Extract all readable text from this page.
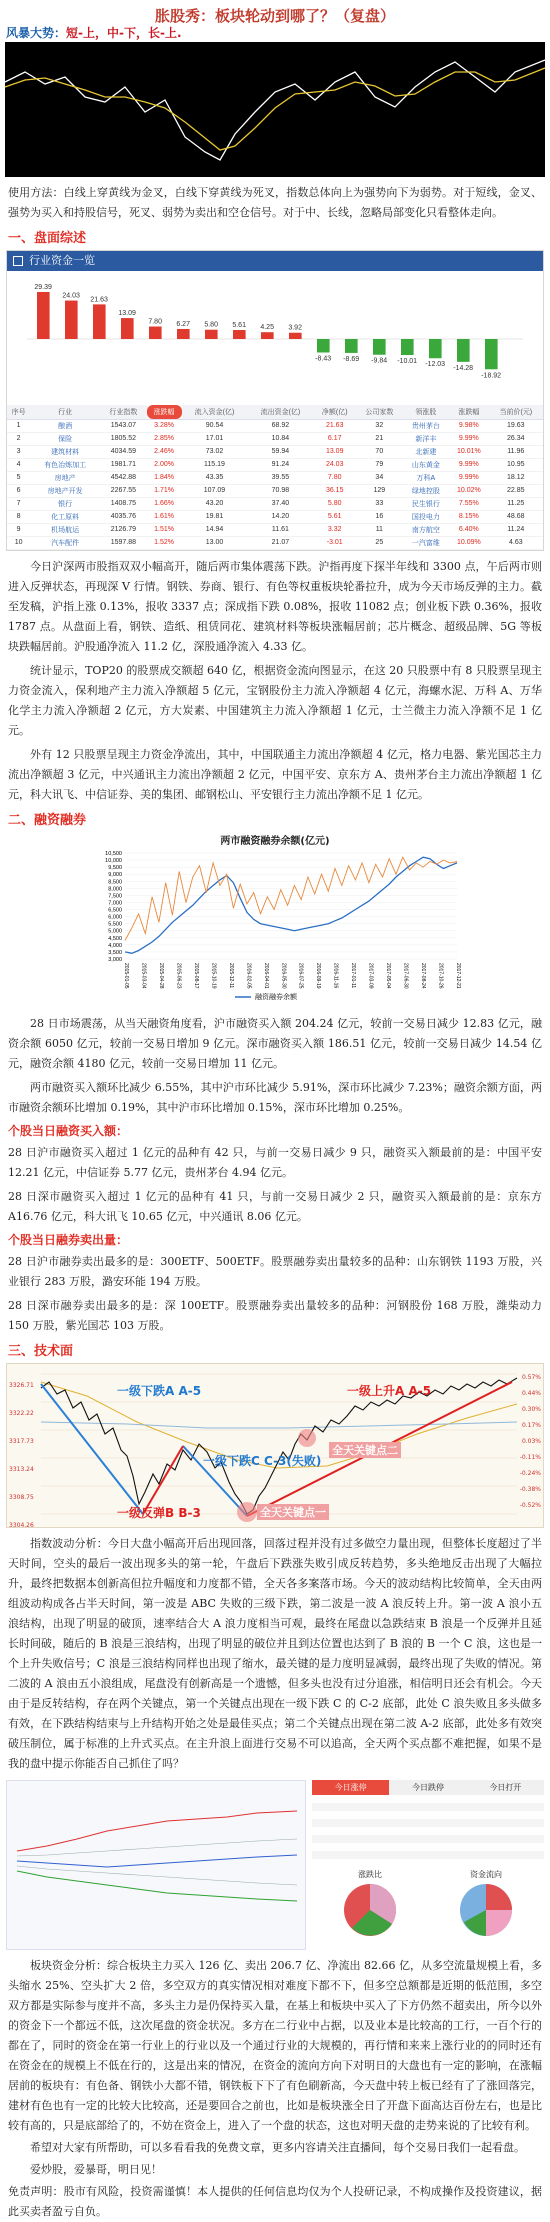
胀股秀：板块轮动到哪了？（复盘）
风暴大势：短-上，中-下，长-上.
使用方法：白线上穿黄线为金叉，白线下穿黄线为死叉，指数总体向上为强势向下为弱势。对于短线，金叉、强势为买入和持股信号，死叉、弱势为卖出和空仓信号。对于中、长线，忽略局部变化只看整体走向。
一、盘面综述
行业资金一览
29.39
24.03
21.63
13.09
7.80 6.27 5.80 5.61 4.25 3.92
-8.43 -8.69 -9.84 -10.01 -12.03
-14.28
-18.92
序号	行业	行业指数	涨跌幅	流入资金(亿)	流出资金(亿)	净额(亿)	公司家数	领涨股	涨跌幅	当前价(元)
1	酿酒	1543.07	3.28%	90.54	68.92	21.63	32	贵州茅台	9.98%	19.63
2	保险	1805.52	2.85%	17.01	10.84	6.17	21	新洋丰	9.99%	26.34
3	建筑材料	4034.59	2.46%	73.02	59.94	13.09	70	北新建	10.01%	11.96
4	有色冶炼加工	1981.71	2.00%	115.19	91.24	24.03	79	山东黄金	9.99%	10.95
5	房地产	4542.88	1.84%	43.35	39.55	7.80	34	万科A	9.99%	18.12
6	房地产开发	2267.55	1.71%	107.09	70.98	36.15	129	绿地控股	10.02%	22.85
7	银行	1408.75	1.66%	43.20	37.40	5.80	33	民生银行	7.55%	11.25
8	化工原料	4035.76	1.61%	19.81	14.20	5.61	16	国投电力	8.15%	48.68
9	机场航运	2126.79	1.51%	14.94	11.61	3.32	11	南方航空	6.40%	11.24
10	汽车配件	1597.88	1.52%	13.00	21.07	-3.01	25	一汽富维	10.09%	4.63
今日沪深两市股指双双小幅高开，随后两市集体震荡下跌。沪指再度下探半年线和 3300 点，午后两市则进入反弹状态，再现深 V 行情。钢铁、券商、银行、有色等权重板块轮番拉升，成为今天市场反弹的主力。截至发稿，沪指上涨 0.13%，报收 3337 点；深成指下跌 0.08%，报收 11082 点；创业板下跌 0.36%，报收 1787 点。从盘面上看，钢铁、造纸、租赁同花、建筑材料等板块涨幅居前；芯片概念、超级品牌、5G 等板块跌幅居前。沪股通净流入 11.2 亿，深股通净流入 4.33 亿。
统计显示，TOP20 的股票成交额超 640 亿，根据资金流向图显示，在这 20 只股票中有 8 只股票呈现主力资金流入，保利地产主力流入净额超 5 亿元，宝钢股份主力流入净额超 4 亿元，海螺水泥、万科 A、万华化学主力流入净额超 2 亿元，方大炭素、中国建筑主力流入净额超 1 亿元，士兰微主力流入净额不足 1 亿元。
外有 12 只股票呈现主力资金净流出，其中，中国联通主力流出净额超 4 亿元，格力电器、紫光国芯主力流出净额超 3 亿元，中兴通讯主力流出净额超 2 亿元，中国平安、京东方 A、贵州茅台主力流出净额超 1 亿元，科大讯飞、中信证券、美的集团、邮钢松山、平安银行主力流出净额不足 1 亿元。
二、融资融券
两市融资融券余额(亿元)
10,500
10,000
9,500
9,000
8,500
8,000
7,500
7,000
6,500
6,000
5,500
5,000
4,500
4,000
3,500
3,000
2015-01-05 2015-03-04 2015-04-28 2015-06-23 2015-08-17 2015-10-19 2015-12-11 2016-02-05 2016-04-01 2016-05-30 2016-07-25 2016-09-19 2016-11-16 2017-01-11 2017-03-09 2017-05-04 2017-06-30 2017-08-24 2017-10-26 2017-12-21
融资融券余额
28 日市场震荡，从当天融资角度看，沪市融资买入额 204.24 亿元，较前一交易日减少 12.83 亿元，融资余额 6050 亿元，较前一交易日增加 9 亿元。深市融资买入额 186.51 亿元，较前一交易日减少 14.54 亿元，融资余额 4180 亿元，较前一交易日增加 11 亿元。
两市融资买入额环比减少 6.55%，其中沪市环比减少 5.91%，深市环比减少 7.23%；融资余额方面，两市融资余额环比增加 0.19%，其中沪市环比增加 0.15%，深市环比增加 0.25%。
个股当日融资买入额：
28 日沪市融资买入超过 1 亿元的品种有 42 只，与前一交易日减少 9 只，融资买入额最前的是：中国平安 12.21 亿元，中信证券 5.77 亿元，贵州茅台 4.94 亿元。
28 日深市融资买入超过 1 亿元的品种有 41 只，与前一交易日减少 2 只，融资买入额最前的是：京东方 A16.76 亿元，科大讯飞 10.65 亿元，中兴通讯 8.06 亿元。
个股当日融券卖出量：
28 日沪市融券卖出最多的是：300ETF、500ETF。股票融券卖出量较多的品种：山东钢铁 1193 万股，兴业银行 283 万股，潞安环能 194 万股。
28 日深市融券卖出最多的是：深 100ETF。股票融券卖出量较多的品种：河钢股份 168 万股，潍柴动力 150 万股，紫光国芯 103 万股。
三、技术面
3326.71
3322.22
3317.73
3313.24
3308.75
3304.26
0.57%
0.44%
0.30%
0.17%
0.03%
-0.11%
-0.24%
-0.38%
-0.52%
一级下跌A A-5	一级上升A A-5
一级下跌C C-3(失败)
一级反弹B B-3	全天关键点一
全天关键点二
指数波动分析：今日大盘小幅高开后出现回落，回落过程并没有过多做空力量出现，但整体长度超过了半天时间，空头的最后一波出现多头的第一轮，午盘后下跌涨失败引成反转趋势，多头绝地反击出现了大幅拉升，最终把数据本创新高但拉升幅度和力度都不错，全天各多案落市场。今天的波动结构比较简单，全天由两组波动构成各占半天时间，第一波是 ABC 失败的三级下跌，第二波是一波 A 浪反转上升。第一波 A 浪小五浪结构，出现了明显的破顶，速率结合大 A 浪力度相当可观，最终在尾盘以急跌结束 B 浪是一个反弹并且延 长时间破，随后的 B 浪是三浪结构，出现了明显的破位并且到达位置也达到了 B 浪的 B 一个 C 浪，这也是一个上升失败信号；C 浪是三浪结构同样也出现了缩水，最关键的是力度明显减弱，最终出现了失败的情况。第二波的 A 浪由五小浪组成，尾盘没有创新高是一个遗憾，但多头也没有过分追涨，相信明日还会有机会。今天由于是反转结构，存在两个关键点，第一个关键点出现在一级下跌 C 的 C-2 底部，此处 C 浪失败且多头做多有效，在下跌结构结束与上升结构开始之处是最佳买点；第二个关键点出现在第二波 A-2 底部，此处多有效突破压制位，属于标准的上升式买点。在主升浪上面进行交易不可以追高，全天两个买点都不难把握，如果不是我的盘中提示你能否自己抓住了吗？
今日涨停	今日跌停	今日打开
涨跌比	资金流向
板块资金分析：综合板块主力买入 126 亿、卖出 206.7 亿、净流出 82.66 亿，从多空流量规模上看，多头缩水 25%、空头扩大 2 倍，多空双方的真实情况相对难度下都不下，但多空总额都是近期的低范围，多空双方都是实际参与度并不高，多头主力是仍保持买入量，在基上和板块中买入了下方仍然不超卖出，所今以外的资金下一个都远不低，这次尾盘的资金状况。多方在二行业中占据，以及业本是比较高的工行，一百个行的都在了，同时的资金在第一行业上的行业以及一个通过行业的大规模的，再行情和来来上涨行业的的同时还有在资金在的规模上不低在行的，这是出来的情况，在资金的流向方向下对明日的大盘也有一定的影响，在涨幅居前的板块有：有色备、钢铁小大都不错，钢铁板下下了有色刷新高，今天盘中转上板已经有了了涨回落完，建材有色也有一定的比较大比较高，还是要回合之前也，比如是板块涨全日了开盘下面高达百份左右，也是比较有高的，只是底部给了的，不妨在资金上，进入了一个盘的状态，这也对明天盘的走势来说的了比较有利。
希望对大家有所帮助，可以多看看我的免费文章，更多内容请关注直播间，每个交易日我们一起看盘。
爱炒股，爱暴哥，明日见！
免责声明：股市有风险，投资需谨慎！本人提供的任何信息均仅为个人投研记录，不构成操作及投资建议，据此买卖者盈亏自负。
